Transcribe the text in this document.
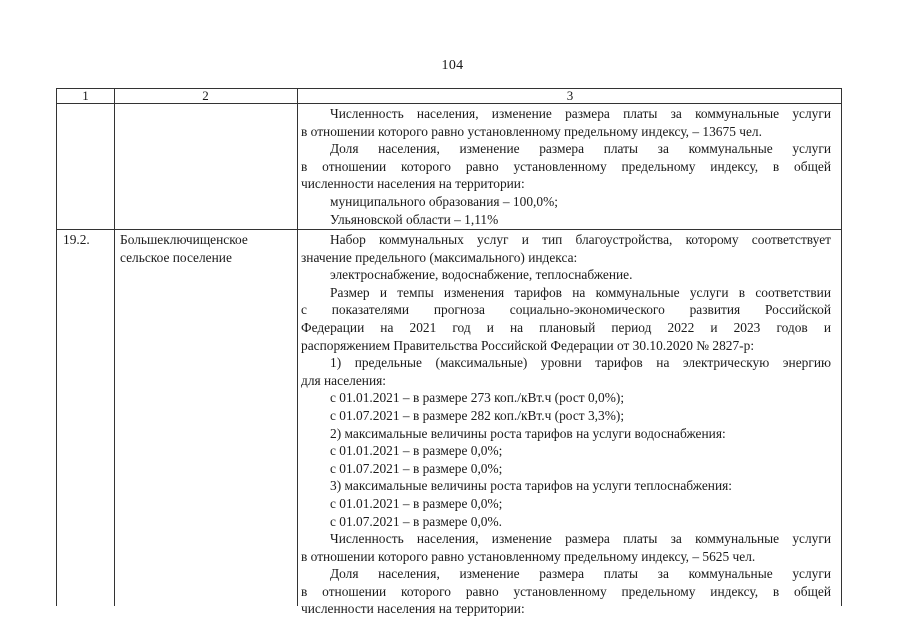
104
1	2	3
Численность населения, изменение размера платы за коммунальные услуги
в отношении которого равно установленному предельному индексу, – 13675 чел.
Доля населения, изменение размера платы за коммунальные услуги
в отношении которого равно установленному предельному индексу, в общей
численности населения на территории:
муниципального образования – 100,0%;
Ульяновской области – 1,11%
19.2. Большеключищенское
сельское поселение
Набор коммунальных услуг и тип благоустройства, которому соответствует
значение предельного (максимального) индекса:
электроснабжение, водоснабжение, теплоснабжение.
Размер и темпы изменения тарифов на коммунальные услуги в соответствии
с показателями прогноза социально-экономического развития Российской
Федерации на 2021 год и на плановый период 2022 и 2023 годов и
распоряжением Правительства Российской Федерации от 30.10.2020 № 2827-р:
1) предельные (максимальные) уровни тарифов на электрическую энергию
для населения:
с 01.01.2021 – в размере 273 коп./кВт.ч (рост 0,0%);
с 01.07.2021 – в размере 282 коп./кВт.ч (рост 3,3%);
2) максимальные величины роста тарифов на услуги водоснабжения:
с 01.01.2021 – в размере 0,0%;
с 01.07.2021 – в размере 0,0%;
3) максимальные величины роста тарифов на услуги теплоснабжения:
с 01.01.2021 – в размере 0,0%;
с 01.07.2021 – в размере 0,0%.
Численность населения, изменение размера платы за коммунальные услуги
в отношении которого равно установленному предельному индексу, – 5625 чел.
Доля населения, изменение размера платы за коммунальные услуги
в отношении которого равно установленному предельному индексу, в общей
численности населения на территории:
